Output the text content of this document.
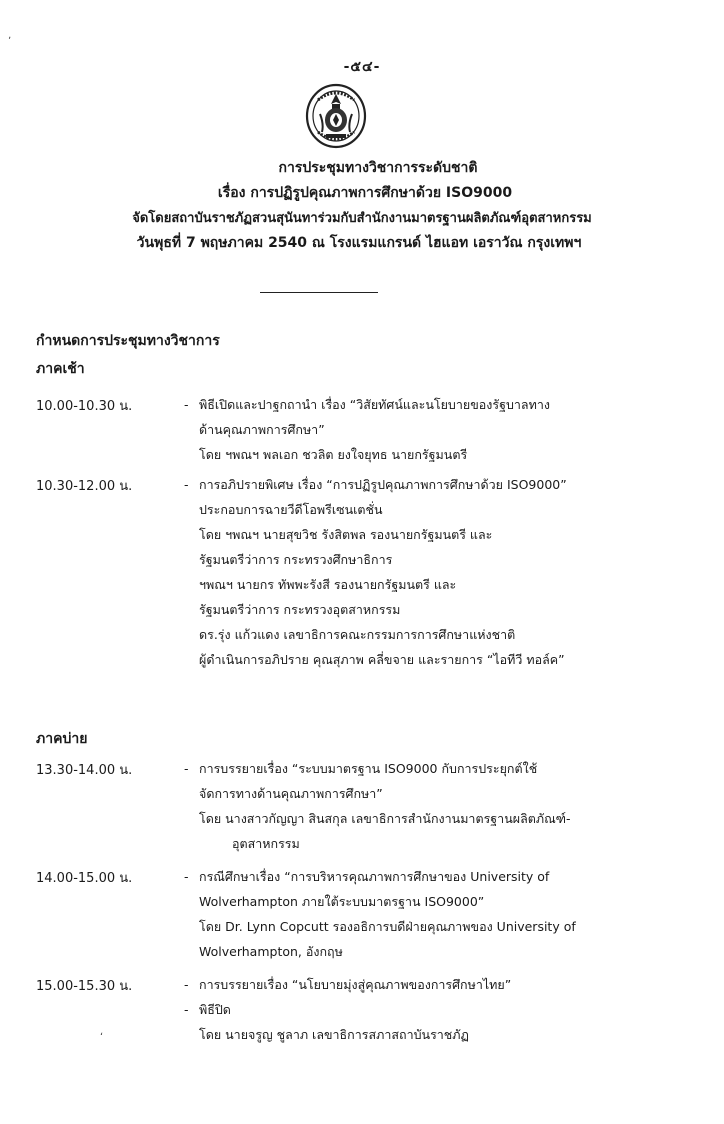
-๕๔-
การประชุมทางวิชาการระดับชาติ
เรื่อง การปฏิรูปคุณภาพการศึกษาด้วย ISO9000
จัดโดยสถาบันราชภัฏสวนสุนันทาร่วมกับสำนักงานมาตรฐานผลิตภัณฑ์อุตสาหกรรม
วันพุธที่ 7 พฤษภาคม 2540 ณ โรงแรมแกรนด์ ไฮแอท เอราวัณ กรุงเทพฯ
กำหนดการประชุมทางวิชาการ
ภาคเช้า
10.00-10.30 น.	- พิธีเปิดและปาฐกถานำ เรื่อง “วิสัยทัศน์และนโยบายของรัฐบาลทาง
ด้านคุณภาพการศึกษา”
โดย ฯพณฯ พลเอก ชวลิต ยงใจยุทธ นายกรัฐมนตรี
10.30-12.00 น.	- การอภิปรายพิเศษ เรื่อง “การปฏิรูปคุณภาพการศึกษาด้วย ISO9000”
ประกอบการฉายวีดีโอพรีเซนเตชั่น
โดย ฯพณฯ นายสุขวิช รังสิตพล รองนายกรัฐมนตรี และ
รัฐมนตรีว่าการ กระทรวงศึกษาธิการ
ฯพณฯ นายกร ทัพพะรังสี รองนายกรัฐมนตรี และ
รัฐมนตรีว่าการ กระทรวงอุตสาหกรรม
ดร.รุ่ง แก้วแดง เลขาธิการคณะกรรมการการศึกษาแห่งชาติ
ผู้ดำเนินการอภิปราย คุณสุภาพ คลี่ขจาย และรายการ “ไอทีวี ทอล์ค”
ภาคบ่าย
13.30-14.00 น.	- การบรรยายเรื่อง “ระบบมาตรฐาน ISO9000 กับการประยุกต์ใช้
จัดการทางด้านคุณภาพการศึกษา”
โดย นางสาวกัญญา สินสกุล เลขาธิการสำนักงานมาตรฐานผลิตภัณฑ์-
อุตสาหกรรม
14.00-15.00 น.	- กรณีศึกษาเรื่อง “การบริหารคุณภาพการศึกษาของ University of
Wolverhampton ภายใต้ระบบมาตรฐาน ISO9000”
โดย Dr. Lynn Copcutt รองอธิการบดีฝ่ายคุณภาพของ University of
Wolverhampton, อังกฤษ
15.00-15.30 น.	- การบรรยายเรื่อง “นโยบายมุ่งสู่คุณภาพของการศึกษาไทย”
- พิธีปิด
โดย นายจรูญ ชูลาภ เลขาธิการสภาสถาบันราชภัฏ
ʻ
ʼ
